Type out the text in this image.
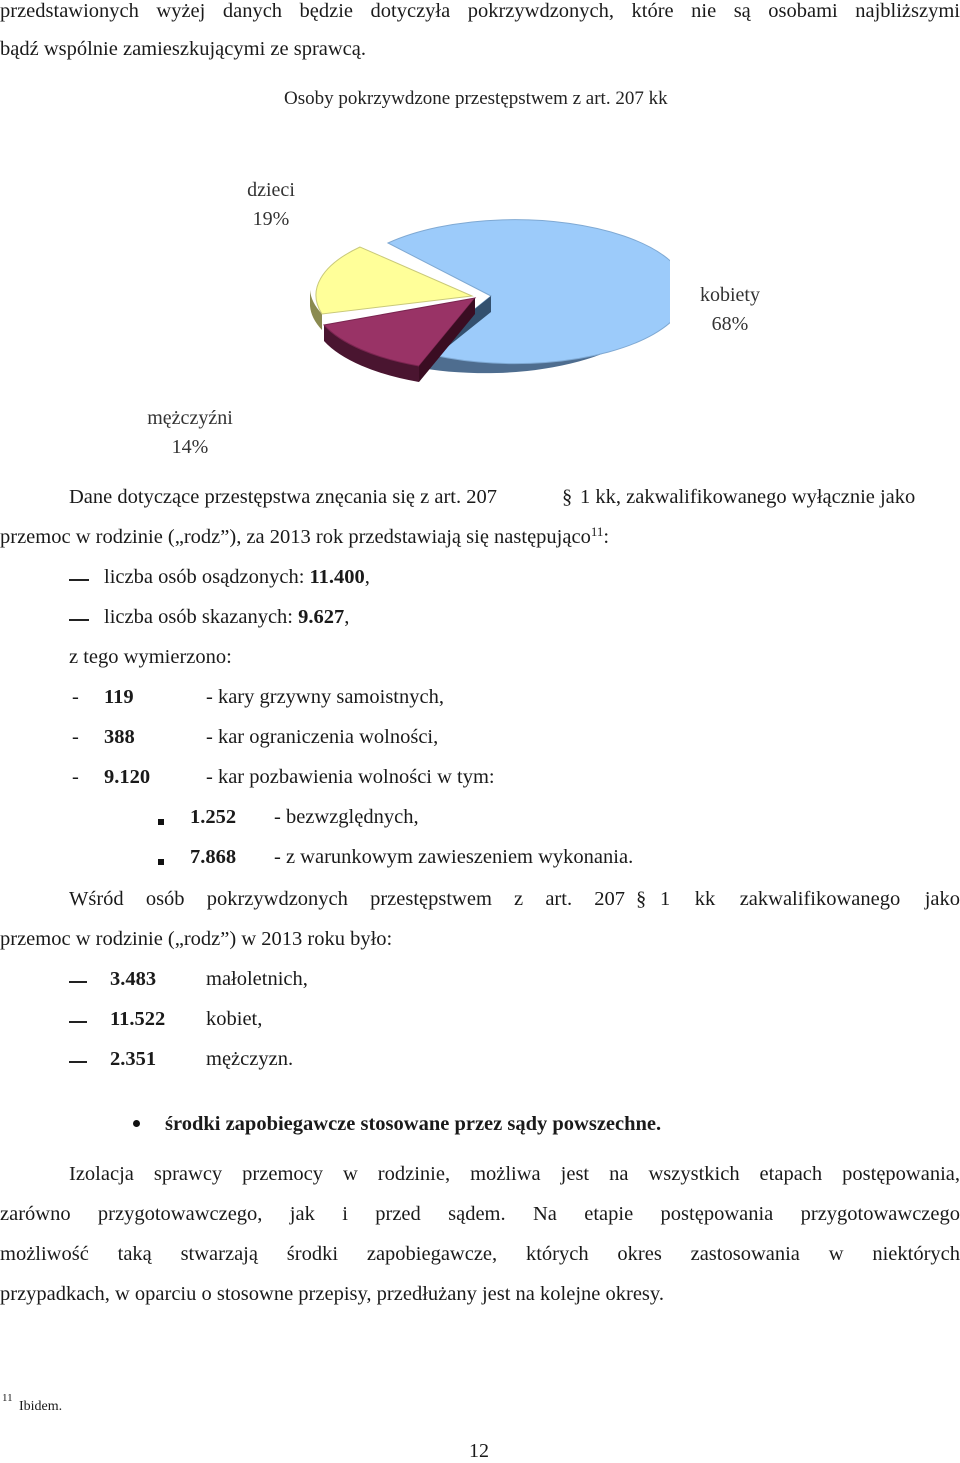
przedstawionych wyżej danych będzie dotyczyła pokrzywdzonych, które nie są osobami najbliższymi
bądź wspólnie zamieszkującymi ze sprawcą.
Osoby pokrzywdzone przestępstwem z art. 207 kk
dzieci
19%
kobiety
68%
mężczyźni
14%
Dane dotyczące przestępstwa znęcania się z art. 207	§ 1 kk, zakwalifikowanego wyłącznie jako
przemoc w rodzinie („rodz”), za 2013 rok przedstawiają się następująco$^{11}$:
liczba osób osądzonych: 11.400,
liczba osób skazanych: 9.627,
z tego wymierzono:
- 119	- kary grzywny samoistnych,
- 388	- kar ograniczenia wolności,
- 9.120	- kar pozbawienia wolności w tym:
1.252 - bezwzględnych,
7.868 - z warunkowym zawieszeniem wykonania.
Wśród osób pokrzywdzonych przestępstwem z art. 207 § 1 kk zakwalifikowanego jako
przemoc w rodzinie („rodz”) w 2013 roku było:
3.483 małoletnich,
11.522 kobiet,
2.351 mężczyzn.
środki zapobiegawcze stosowane przez sądy powszechne.
Izolacja sprawcy przemocy w rodzinie, możliwa jest na wszystkich etapach postępowania,
zarówno przygotowawczego, jak i przed sądem. Na etapie postępowania przygotowawczego
możliwość taką stwarzają środki zapobiegawcze, których okres zastosowania w niektórych
przypadkach, w oparciu o stosowne przepisy, przedłużany jest na kolejne okresy.
11
Ibidem.
12
